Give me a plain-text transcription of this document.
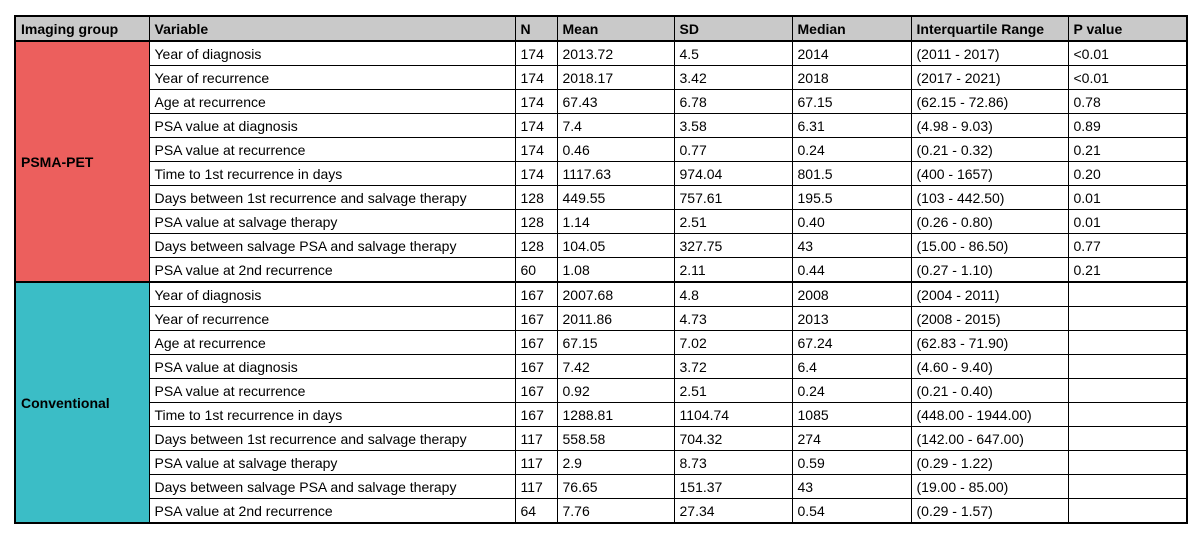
Imaging group	Variable	N	Mean	SD	Median	Interquartile Range	P value
PSMA-PET	Year of diagnosis	174	2013.72	4.5	2014	(2011 - 2017)	<0.01
	Year of recurrence	174	2018.17	3.42	2018	(2017 - 2021)	<0.01
	Age at recurrence	174	67.43	6.78	67.15	(62.15 - 72.86)	0.78
	PSA value at diagnosis	174	7.4	3.58	6.31	(4.98 - 9.03)	0.89
	PSA value at recurrence	174	0.46	0.77	0.24	(0.21 - 0.32)	0.21
	Time to 1st recurrence in days	174	1117.63	974.04	801.5	(400 - 1657)	0.20
	Days between 1st recurrence and salvage therapy	128	449.55	757.61	195.5	(103 - 442.50)	0.01
	PSA value at salvage therapy	128	1.14	2.51	0.40	(0.26 - 0.80)	0.01
	Days between salvage PSA and salvage therapy	128	104.05	327.75	43	(15.00 - 86.50)	0.77
	PSA value at 2nd recurrence	60	1.08	2.11	0.44	(0.27 - 1.10)	0.21
Conventional	Year of diagnosis	167	2007.68	4.8	2008	(2004 - 2011)	
	Year of recurrence	167	2011.86	4.73	2013	(2008 - 2015)	
	Age at recurrence	167	67.15	7.02	67.24	(62.83 - 71.90)	
	PSA value at diagnosis	167	7.42	3.72	6.4	(4.60 - 9.40)	
	PSA value at recurrence	167	0.92	2.51	0.24	(0.21 - 0.40)	
	Time to 1st recurrence in days	167	1288.81	1104.74	1085	(448.00 - 1944.00)	
	Days between 1st recurrence and salvage therapy	117	558.58	704.32	274	(142.00 - 647.00)	
	PSA value at salvage therapy	117	2.9	8.73	0.59	(0.29 - 1.22)	
	Days between salvage PSA and salvage therapy	117	76.65	151.37	43	(19.00 - 85.00)	
	PSA value at 2nd recurrence	64	7.76	27.34	0.54	(0.29 - 1.57)	
